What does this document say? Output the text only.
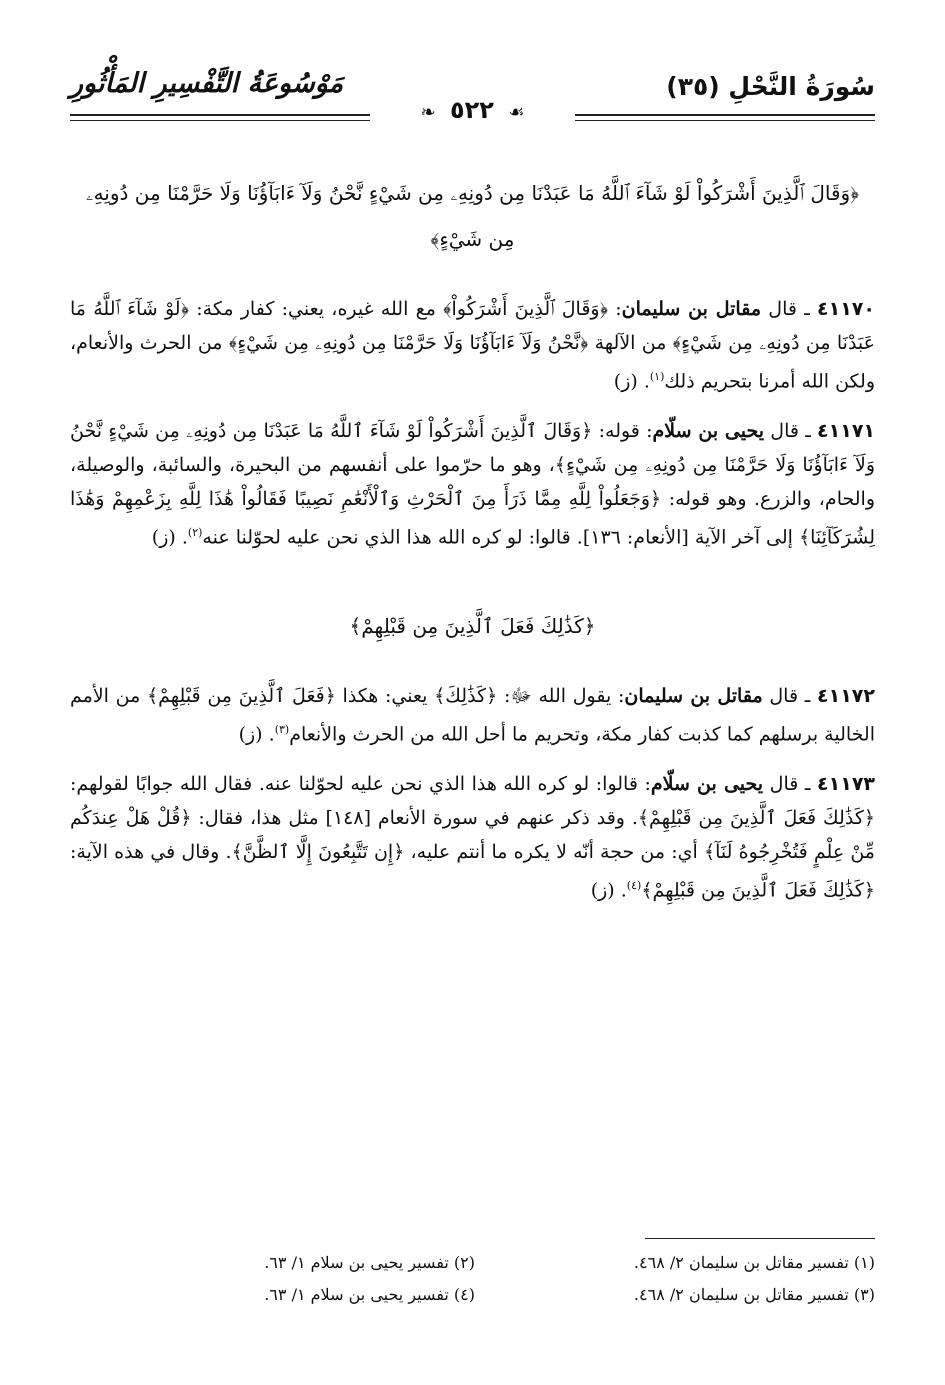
سُورَةُ النَّحْلِ (٣٥)
مَوْسُوعَةُ التَّفْسِيرِ المَأْثُورِ
☙ ٥٢٢ ❧
﴿وَقَالَ ٱلَّذِينَ أَشْرَكُواْ لَوْ شَآءَ ٱللَّهُ مَا عَبَدْنَا مِن دُونِهِۦ مِن شَيْءٍ نَّحْنُ وَلَآ ءَابَآؤُنَا وَلَا حَرَّمْنَا مِن دُونِهِۦ مِن شَيْءٍ﴾
٤١١٧٠ ـ قال مقاتل بن سليمان: ﴿وَقَالَ ٱلَّذِينَ أَشْرَكُواْ﴾ مع الله غيره، يعني: كفار مكة: ﴿لَوْ شَآءَ ٱللَّهُ مَا عَبَدْنَا مِن دُونِهِۦ مِن شَيْءٍ﴾ من الآلهة ﴿نَّحْنُ وَلَآ ءَابَآؤُنَا وَلَا حَرَّمْنَا مِن دُونِهِۦ مِن شَيْءٍ﴾ من الحرث والأنعام، ولكن الله أمرنا بتحريم ذلك$^{(١)}$. (ز)
٤١١٧١ ـ قال يحيى بن سلّام: قوله: ﴿وَقَالَ ٱلَّذِينَ أَشْرَكُواْ لَوْ شَآءَ ٱللَّهُ مَا عَبَدْنَا مِن دُونِهِۦ مِن شَيْءٍ نَّحْنُ وَلَآ ءَابَآؤُنَا وَلَا حَرَّمْنَا مِن دُونِهِۦ مِن شَيْءٍ﴾، وهو ما حرّموا على أنفسهم من البحيرة، والسائبة، والوصيلة، والحام، والزرع. وهو قوله: ﴿وَجَعَلُواْ لِلَّهِ مِمَّا ذَرَأَ مِنَ ٱلْحَرْثِ وَٱلْأَنْعَٰمِ نَصِيبًا فَقَالُواْ هَٰذَا لِلَّهِ بِزَعْمِهِمْ وَهَٰذَا لِشُرَكَآئِنَا﴾ إلى آخر الآية [الأنعام: ١٣٦]. قالوا: لو كره الله هذا الذي نحن عليه لحوّلنا عنه$^{(٢)}$. (ز)
﴿كَذَٰلِكَ فَعَلَ ٱلَّذِينَ مِن قَبْلِهِمْ﴾
٤١١٧٢ ـ قال مقاتل بن سليمان: يقول الله ﷻ: ﴿كَذَٰلِكَ﴾ يعني: هكذا ﴿فَعَلَ ٱلَّذِينَ مِن قَبْلِهِمْ﴾ من الأمم الخالية برسلهم كما كذبت كفار مكة، وتحريم ما أحل الله من الحرث والأنعام$^{(٣)}$. (ز)
٤١١٧٣ ـ قال يحيى بن سلّام: قالوا: لو كره الله هذا الذي نحن عليه لحوّلنا عنه. فقال الله جوابًا لقولهم: ﴿كَذَٰلِكَ فَعَلَ ٱلَّذِينَ مِن قَبْلِهِمْ﴾. وقد ذكر عنهم في سورة الأنعام [١٤٨] مثل هذا، فقال: ﴿قُلْ هَلْ عِندَكُم مِّنْ عِلْمٍ فَتُخْرِجُوهُ لَنَآ﴾ أي: من حجة أنّه لا يكره ما أنتم عليه، ﴿إِن تَتَّبِعُونَ إِلَّا ٱلظَّنَّ﴾. وقال في هذه الآية: ﴿كَذَٰلِكَ فَعَلَ ٱلَّذِينَ مِن قَبْلِهِمْ﴾$^{(٤)}$. (ز)
(١) تفسير مقاتل بن سليمان ٢/ ٤٦٨.
(٢) تفسير يحيى بن سلام ١/ ٦٣.
(٣) تفسير مقاتل بن سليمان ٢/ ٤٦٨.
(٤) تفسير يحيى بن سلام ١/ ٦٣.
